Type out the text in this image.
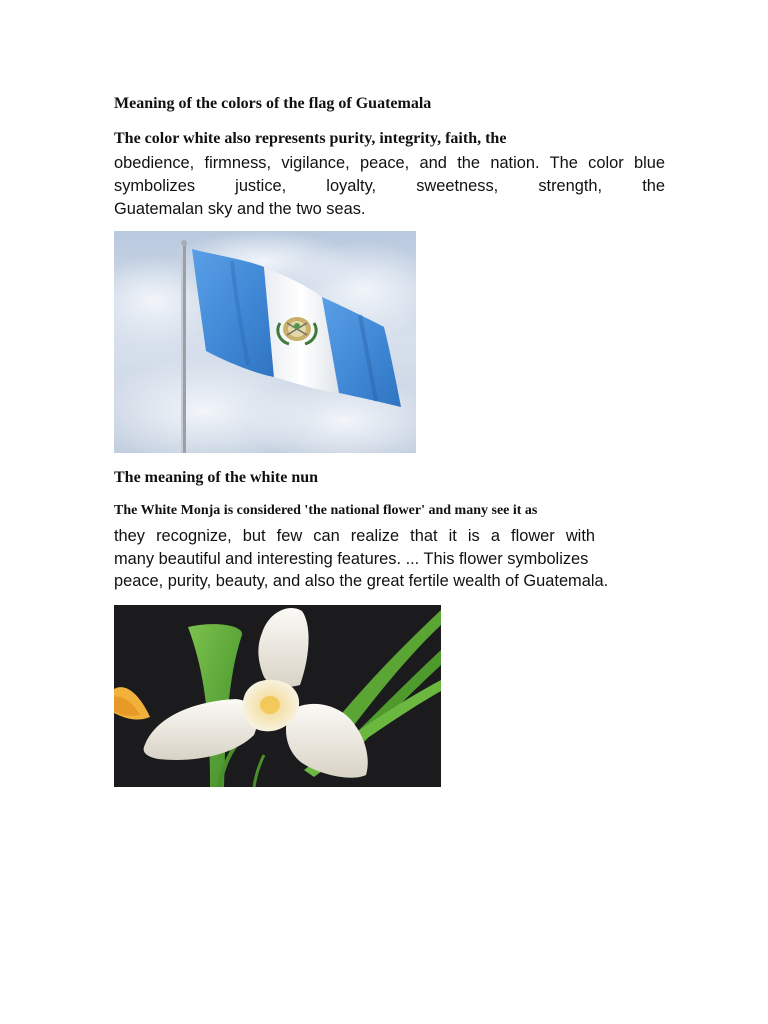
Meaning of the colors of the flag of Guatemala

The color white also represents purity, integrity, faith, the

obedience, firmness, vigilance, peace, and the nation. The color blue
symbolizes justice, loyalty, sweetness, strength, the
Guatemalan sky and the two seas.

The meaning of the white nun

The White Monja is considered 'the national flower' and many see it as

they recognize, but few can realize that it is a flower with
many beautiful and interesting features. ... This flower symbolizes
peace, purity, beauty, and also the great fertile wealth of Guatemala.
